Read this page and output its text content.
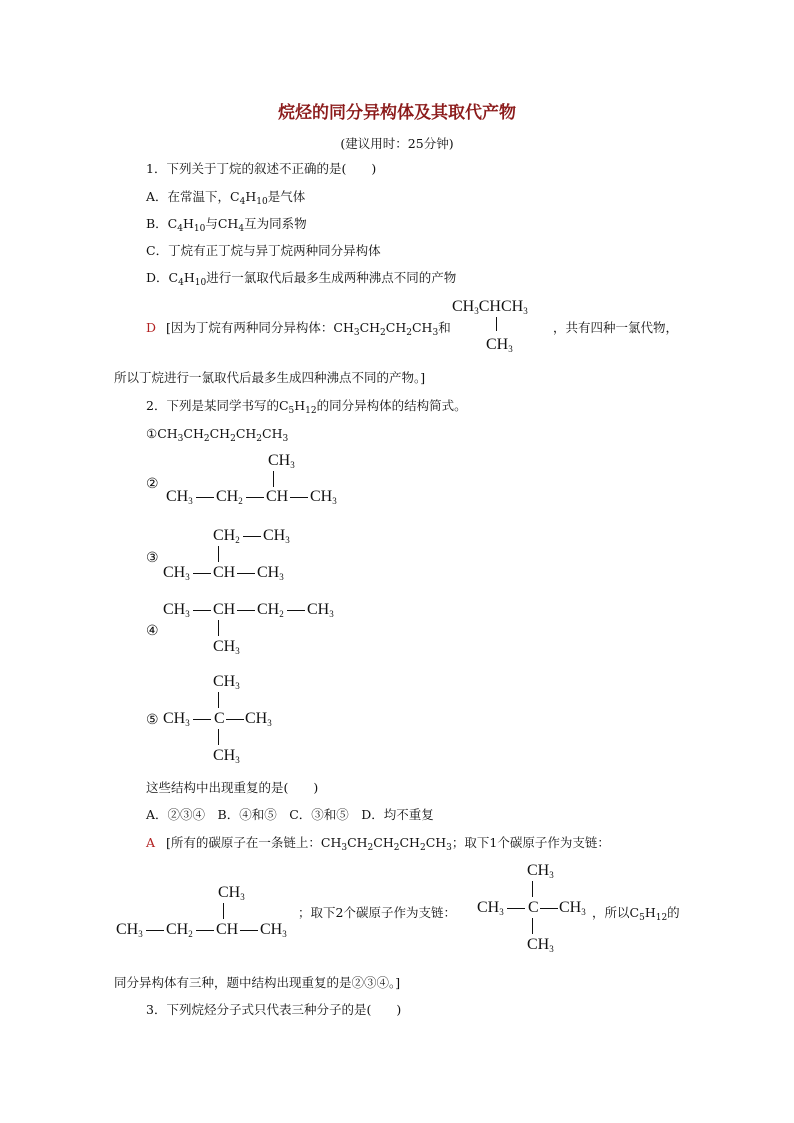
烷烃的同分异构体及其取代产物
(建议用时：25分钟)
1．下列关于丁烷的叙述不正确的是(　　)
A．在常温下，$C_4H_{10}$是气体
B．$C_4H_{10}$与$CH_4$互为同系物
C．丁烷有正丁烷与异丁烷两种同分异构体
D．$C_4H_{10}$进行一氯取代后最多生成两种沸点不同的产物
D [因为丁烷有两种同分异构体：$CH_3CH_2CH_2CH_3$和
$CH_3CHCH_3$
$CH_3$
，共有四种一氯代物，
所以丁烷进行一氯取代后最多生成四种沸点不同的产物。]
2．下列是某同学书写的$C_5H_{12}$的同分异构体的结构简式。
$①CH_3CH_2CH_2CH_2CH_3$
②
$CH_3$
$CH_3$ $CH_2$ CH $CH_3$
③
$CH_2$ $CH_3$
$CH_3$ CH $CH_3$
④
$CH_3$ CH $CH_2$ $CH_3$
$CH_3$
⑤
$CH_3$
$CH_3$ C $CH_3$
$CH_3$
这些结构中出现重复的是(　　)
A．②③④　B．④和⑤　C．③和⑤　D．均不重复
A [所有的碳原子在一条链上：$CH_3CH_2CH_2CH_2CH_3$；取下1个碳原子作为支链：
$CH_3$
$CH_3$ $CH_2$ CH $CH_3$
；取下2个碳原子作为支链：
$CH_3$
$CH_3$ C $CH_3$
$CH_3$
，所以$C_5H_{12}$的
同分异构体有三种，题中结构出现重复的是②③④。]
3．下列烷烃分子式只代表三种分子的是(　　)
